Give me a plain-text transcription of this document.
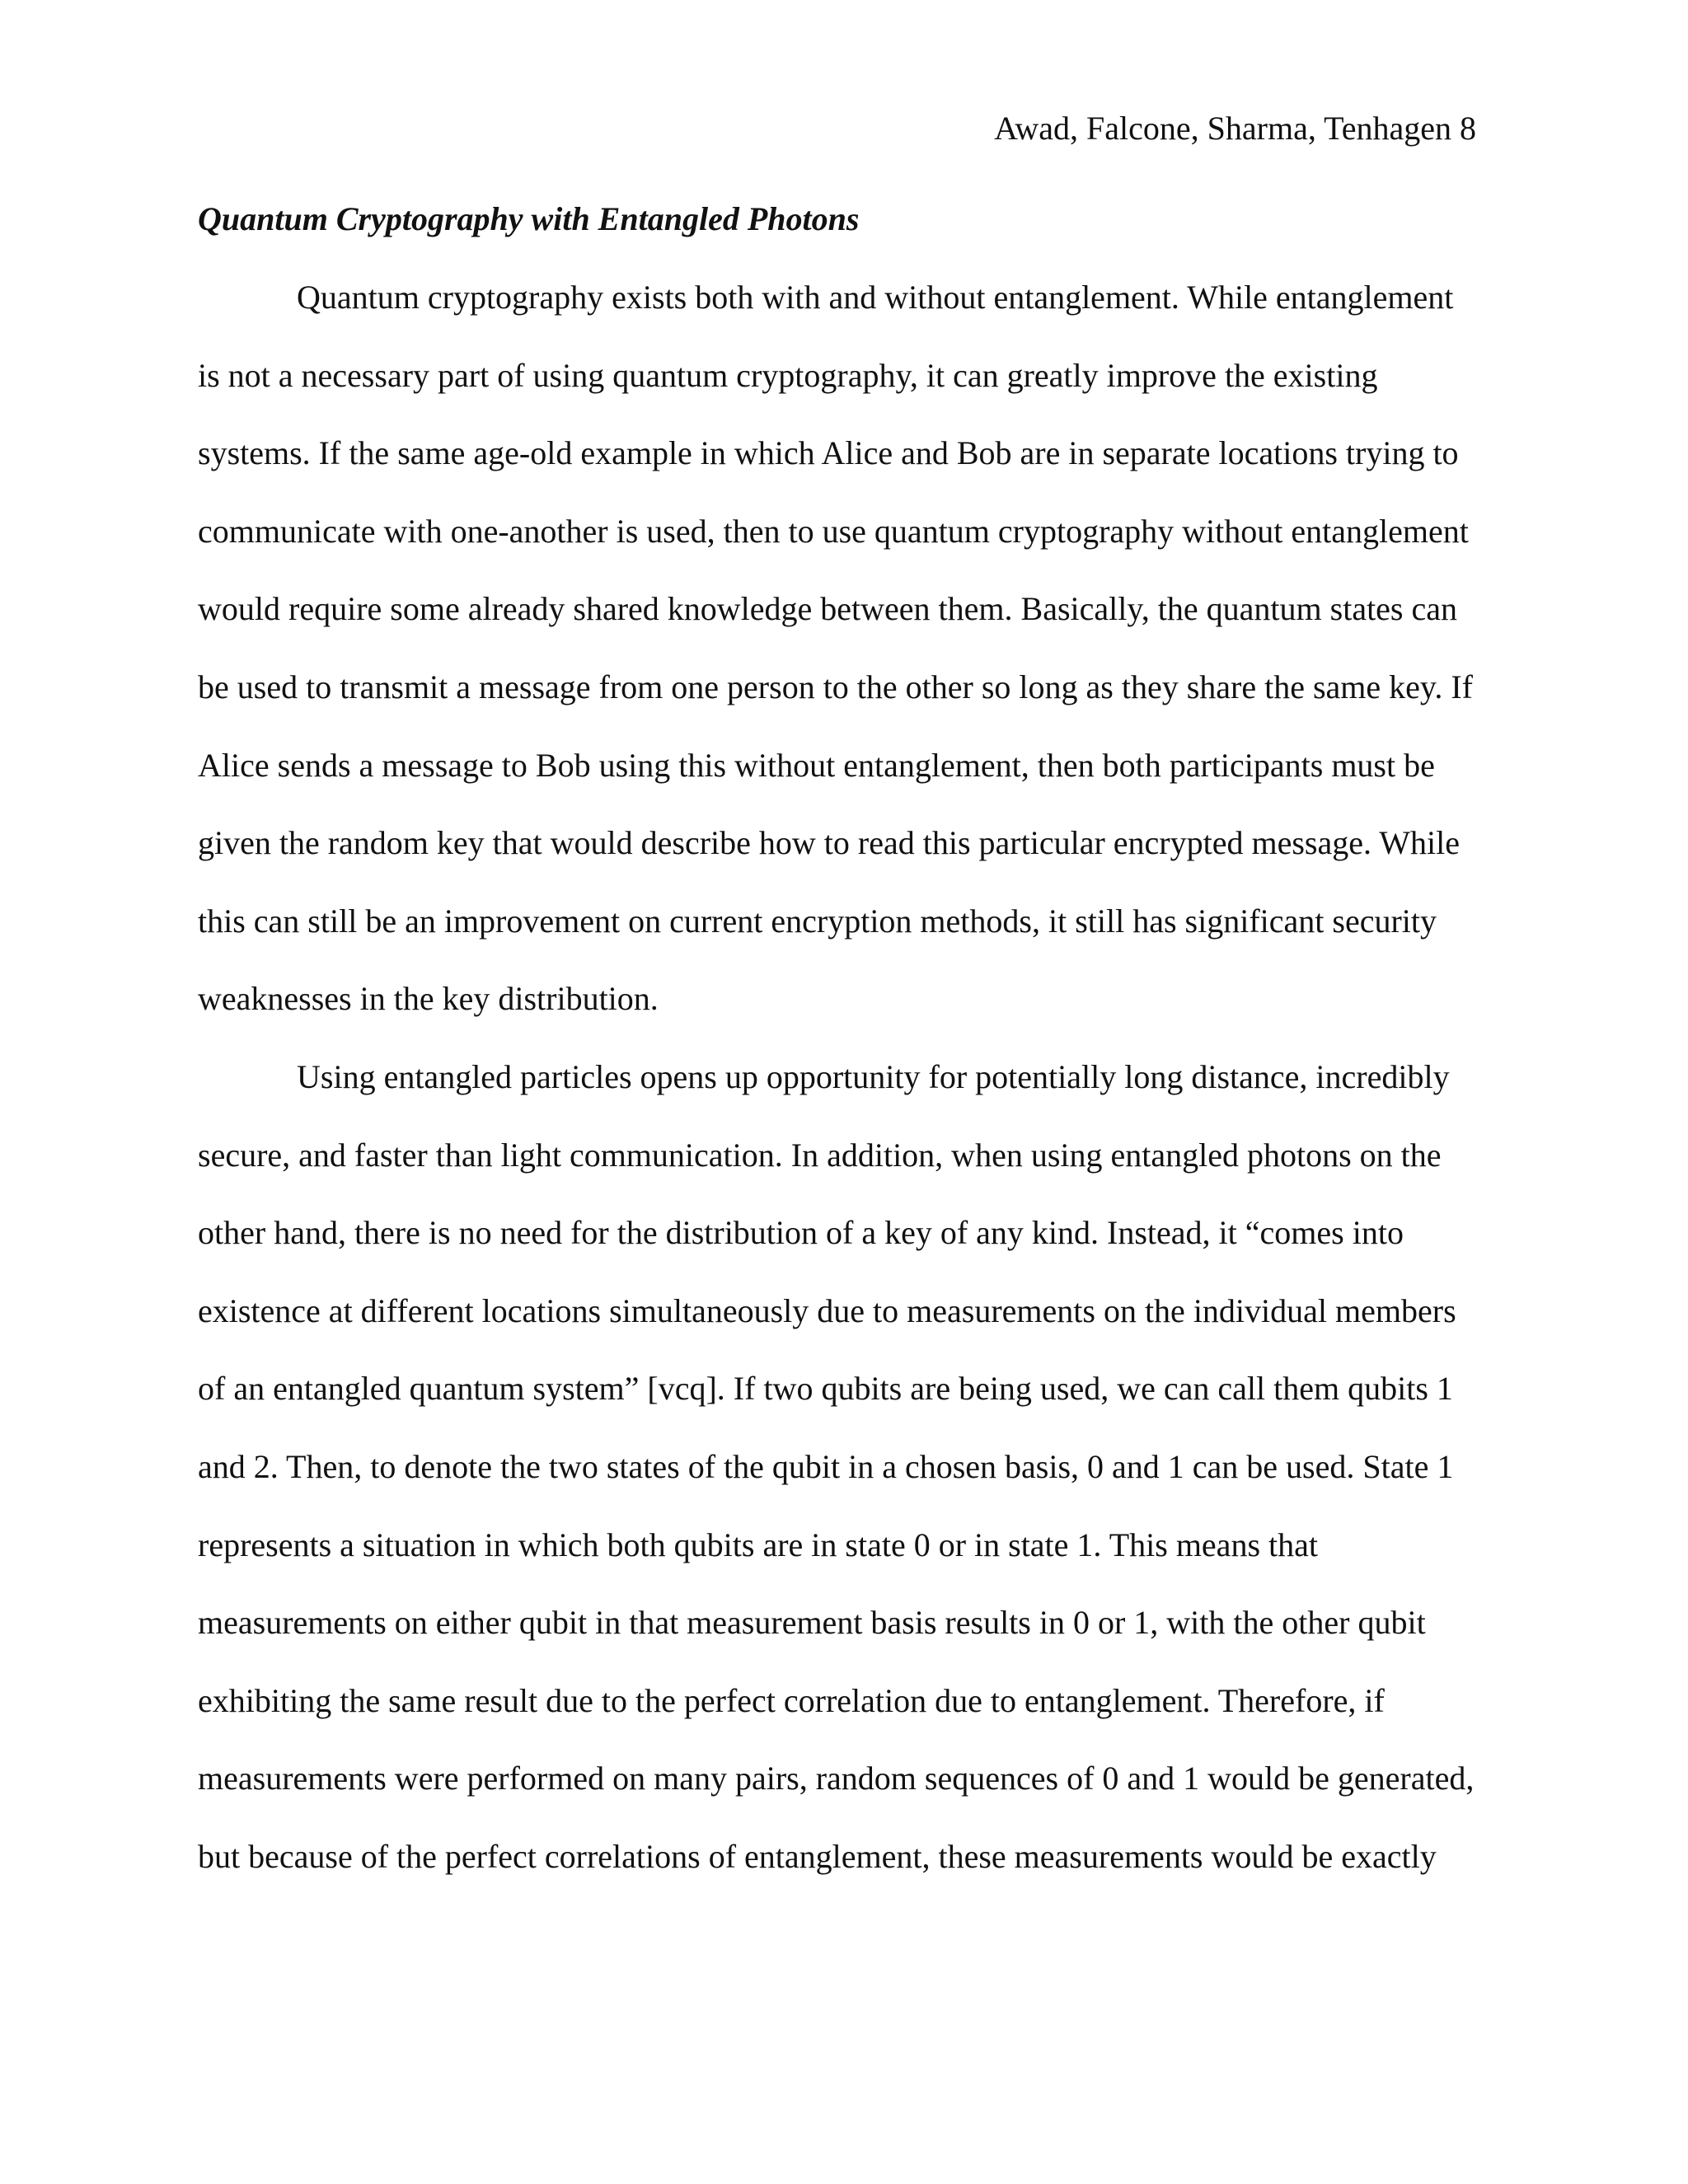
Awad, Falcone, Sharma, Tenhagen 8
Quantum Cryptography with Entangled Photons
Quantum cryptography exists both with and without entanglement. While entanglement
is not a necessary part of using quantum cryptography, it can greatly improve the existing
systems. If the same age-old example in which Alice and Bob are in separate locations trying to
communicate with one-another is used, then to use quantum cryptography without entanglement
would require some already shared knowledge between them. Basically, the quantum states can
be used to transmit a message from one person to the other so long as they share the same key. If
Alice sends a message to Bob using this without entanglement, then both participants must be
given the random key that would describe how to read this particular encrypted message. While
this can still be an improvement on current encryption methods, it still has significant security
weaknesses in the key distribution.
Using entangled particles opens up opportunity for potentially long distance, incredibly
secure, and faster than light communication. In addition, when using entangled photons on the
other hand, there is no need for the distribution of a key of any kind. Instead, it “comes into
existence at different locations simultaneously due to measurements on the individual members
of an entangled quantum system” [vcq]. If two qubits are being used, we can call them qubits 1
and 2. Then, to denote the two states of the qubit in a chosen basis, 0 and 1 can be used. State 1
represents a situation in which both qubits are in state 0 or in state 1. This means that
measurements on either qubit in that measurement basis results in 0 or 1, with the other qubit
exhibiting the same result due to the perfect correlation due to entanglement. Therefore, if
measurements were performed on many pairs, random sequences of 0 and 1 would be generated,
but because of the perfect correlations of entanglement, these measurements would be exactly
